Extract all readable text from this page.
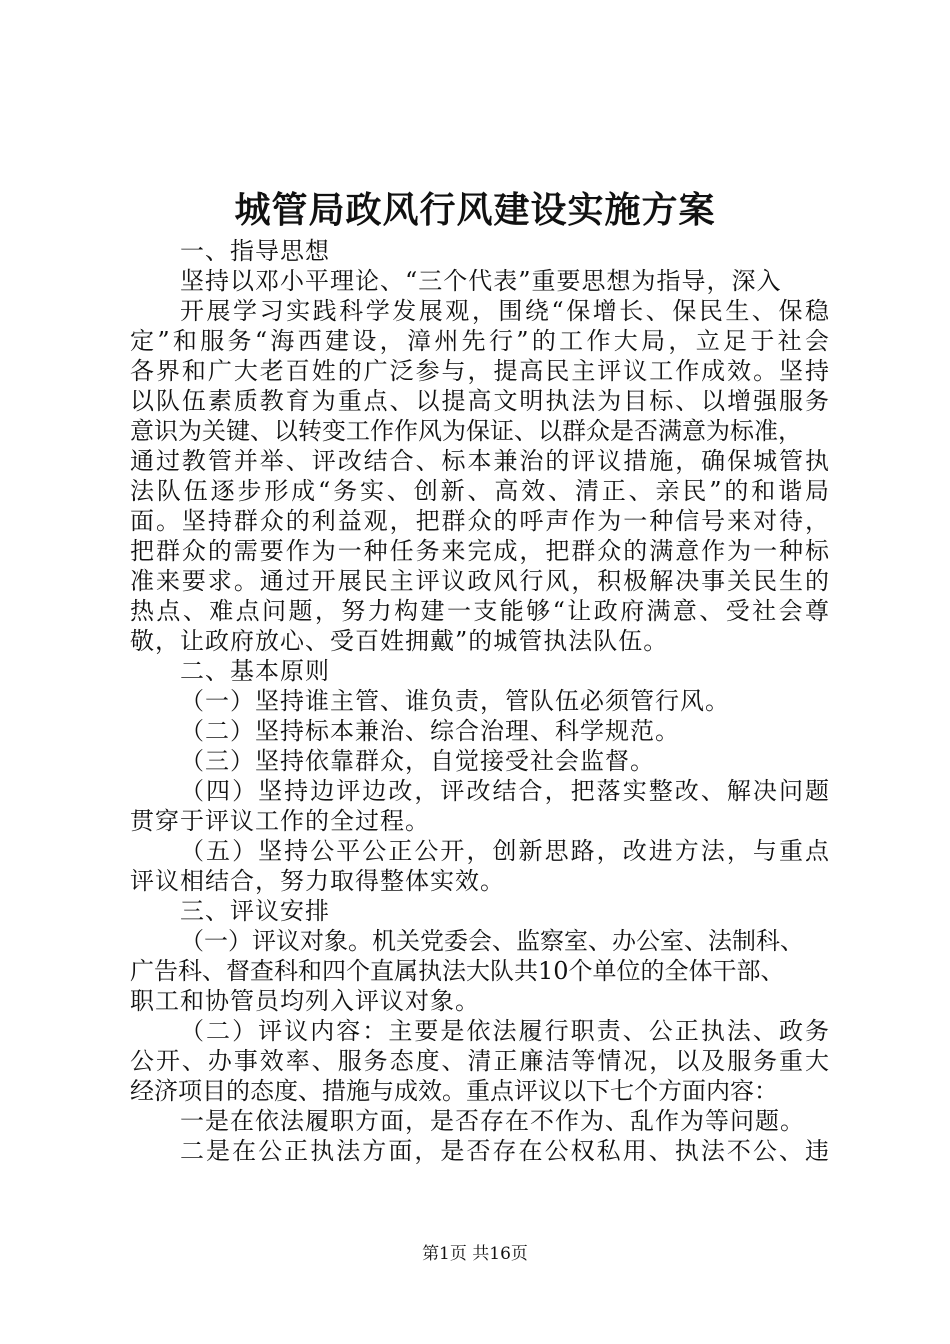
城管局政风行风建设实施方案
一、指导思想
坚持以邓小平理论、“三个代表”重要思想为指导，深入
开展学习实践科学发展观，围绕“保增长、保民生、保稳
定”和服务“海西建设，漳州先行”的工作大局，立足于社会
各界和广大老百姓的广泛参与，提高民主评议工作成效。坚持
以队伍素质教育为重点、以提高文明执法为目标、以增强服务
意识为关键、以转变工作作风为保证、以群众是否满意为标准，
通过教管并举、评改结合、标本兼治的评议措施，确保城管执
法队伍逐步形成“务实、创新、高效、清正、亲民”的和谐局
面。坚持群众的利益观，把群众的呼声作为一种信号来对待，
把群众的需要作为一种任务来完成，把群众的满意作为一种标
准来要求。通过开展民主评议政风行风，积极解决事关民生的
热点、难点问题，努力构建一支能够“让政府满意、受社会尊
敬，让政府放心、受百姓拥戴”的城管执法队伍。
二、基本原则
（一）坚持谁主管、谁负责，管队伍必须管行风。
（二）坚持标本兼治、综合治理、科学规范。
（三）坚持依靠群众，自觉接受社会监督。
（四）坚持边评边改，评改结合，把落实整改、解决问题
贯穿于评议工作的全过程。
（五）坚持公平公正公开，创新思路，改进方法，与重点
评议相结合，努力取得整体实效。
三、评议安排
（一）评议对象。机关党委会、监察室、办公室、法制科、
广告科、督查科和四个直属执法大队共10个单位的全体干部、
职工和协管员均列入评议对象。
（二）评议内容：主要是依法履行职责、公正执法、政务
公开、办事效率、服务态度、清正廉洁等情况，以及服务重大
经济项目的态度、措施与成效。重点评议以下七个方面内容：
一是在依法履职方面，是否存在不作为、乱作为等问题。
二是在公正执法方面，是否存在公权私用、执法不公、违
第1页 共16页
